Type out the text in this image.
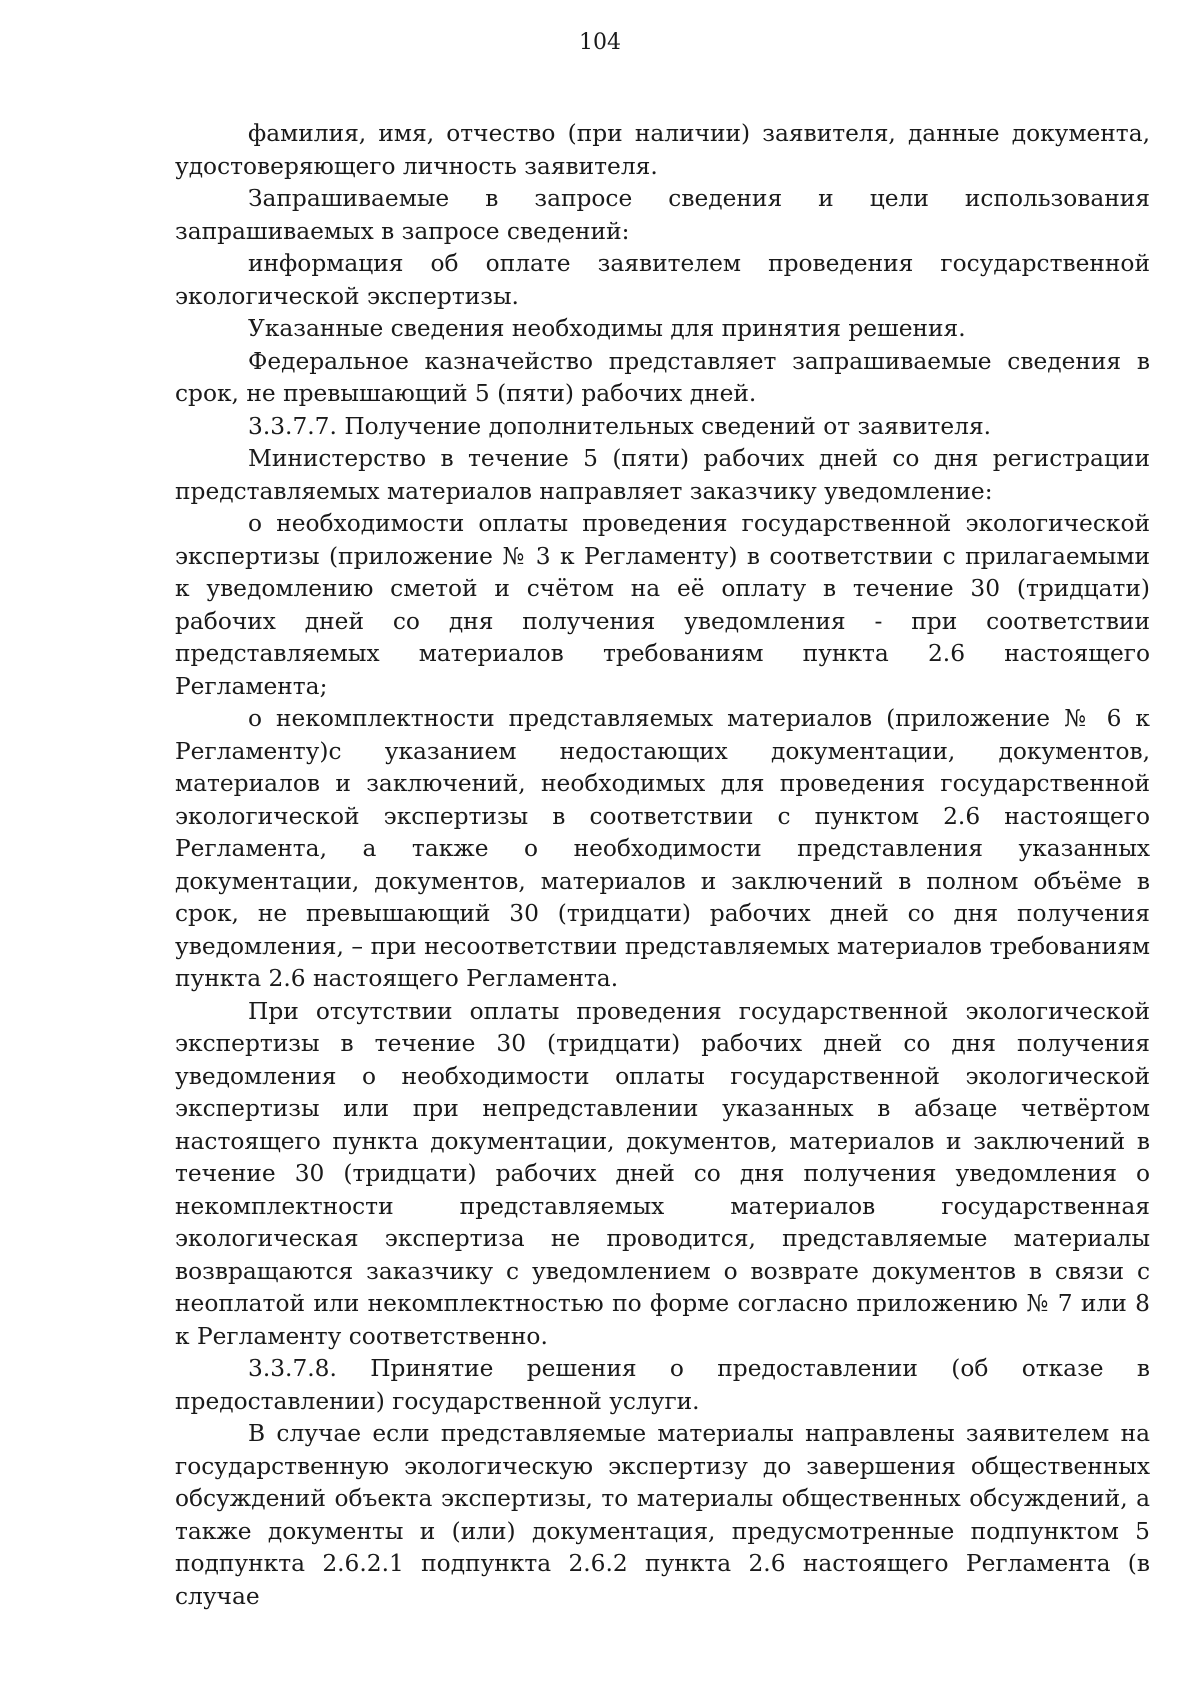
104

фамилия, имя, отчество (при наличии) заявителя, данные документа, удостоверяющего личность заявителя.

Запрашиваемые в запросе сведения и цели использования запрашиваемых в запросе сведений:

информация об оплате заявителем проведения государственной экологической экспертизы.

Указанные сведения необходимы для принятия решения.

Федеральное казначейство представляет запрашиваемые сведения в срок, не превышающий 5 (пяти) рабочих дней.

3.3.7.7. Получение дополнительных сведений от заявителя.

Министерство в течение 5 (пяти) рабочих дней со дня регистрации представляемых материалов направляет заказчику уведомление:

о необходимости оплаты проведения государственной экологической экспертизы (приложение № 3 к Регламенту) в соответствии с прилагаемыми к уведомлению сметой и счётом на её оплату в течение 30 (тридцати) рабочих дней со дня получения уведомления - при соответствии представляемых материалов требованиям пункта 2.6 настоящего Регламента;

о некомплектности представляемых материалов (приложение № 6 к Регламенту)с указанием недостающих документации, документов, материалов и заключений, необходимых для проведения государственной экологической экспертизы в соответствии с пунктом 2.6 настоящего Регламента, а также о необходимости представления указанных документации, документов, материалов и заключений в полном объёме в срок, не превышающий 30 (тридцати) рабочих дней со дня получения уведомления, – при несоответствии представляемых материалов требованиям пункта 2.6 настоящего Регламента.

При отсутствии оплаты проведения государственной экологической экспертизы в течение 30 (тридцати) рабочих дней со дня получения уведомления о необходимости оплаты государственной экологической экспертизы или при непредставлении указанных в абзаце четвёртом настоящего пункта документации, документов, материалов и заключений в течение 30 (тридцати) рабочих дней со дня получения уведомления о некомплектности представляемых материалов государственная экологическая экспертиза не проводится, представляемые материалы возвращаются заказчику с уведомлением о возврате документов в связи с неоплатой или некомплектностью по форме согласно приложению № 7 или 8 к Регламенту соответственно.

3.3.7.8. Принятие решения о предоставлении (об отказе в предоставлении) государственной услуги.

В случае если представляемые материалы направлены заявителем на государственную экологическую экспертизу до завершения общественных обсуждений объекта экспертизы, то материалы общественных обсуждений, а также документы и (или) документация, предусмотренные подпунктом 5 подпункта 2.6.2.1 подпункта 2.6.2 пункта 2.6 настоящего Регламента (в случае
